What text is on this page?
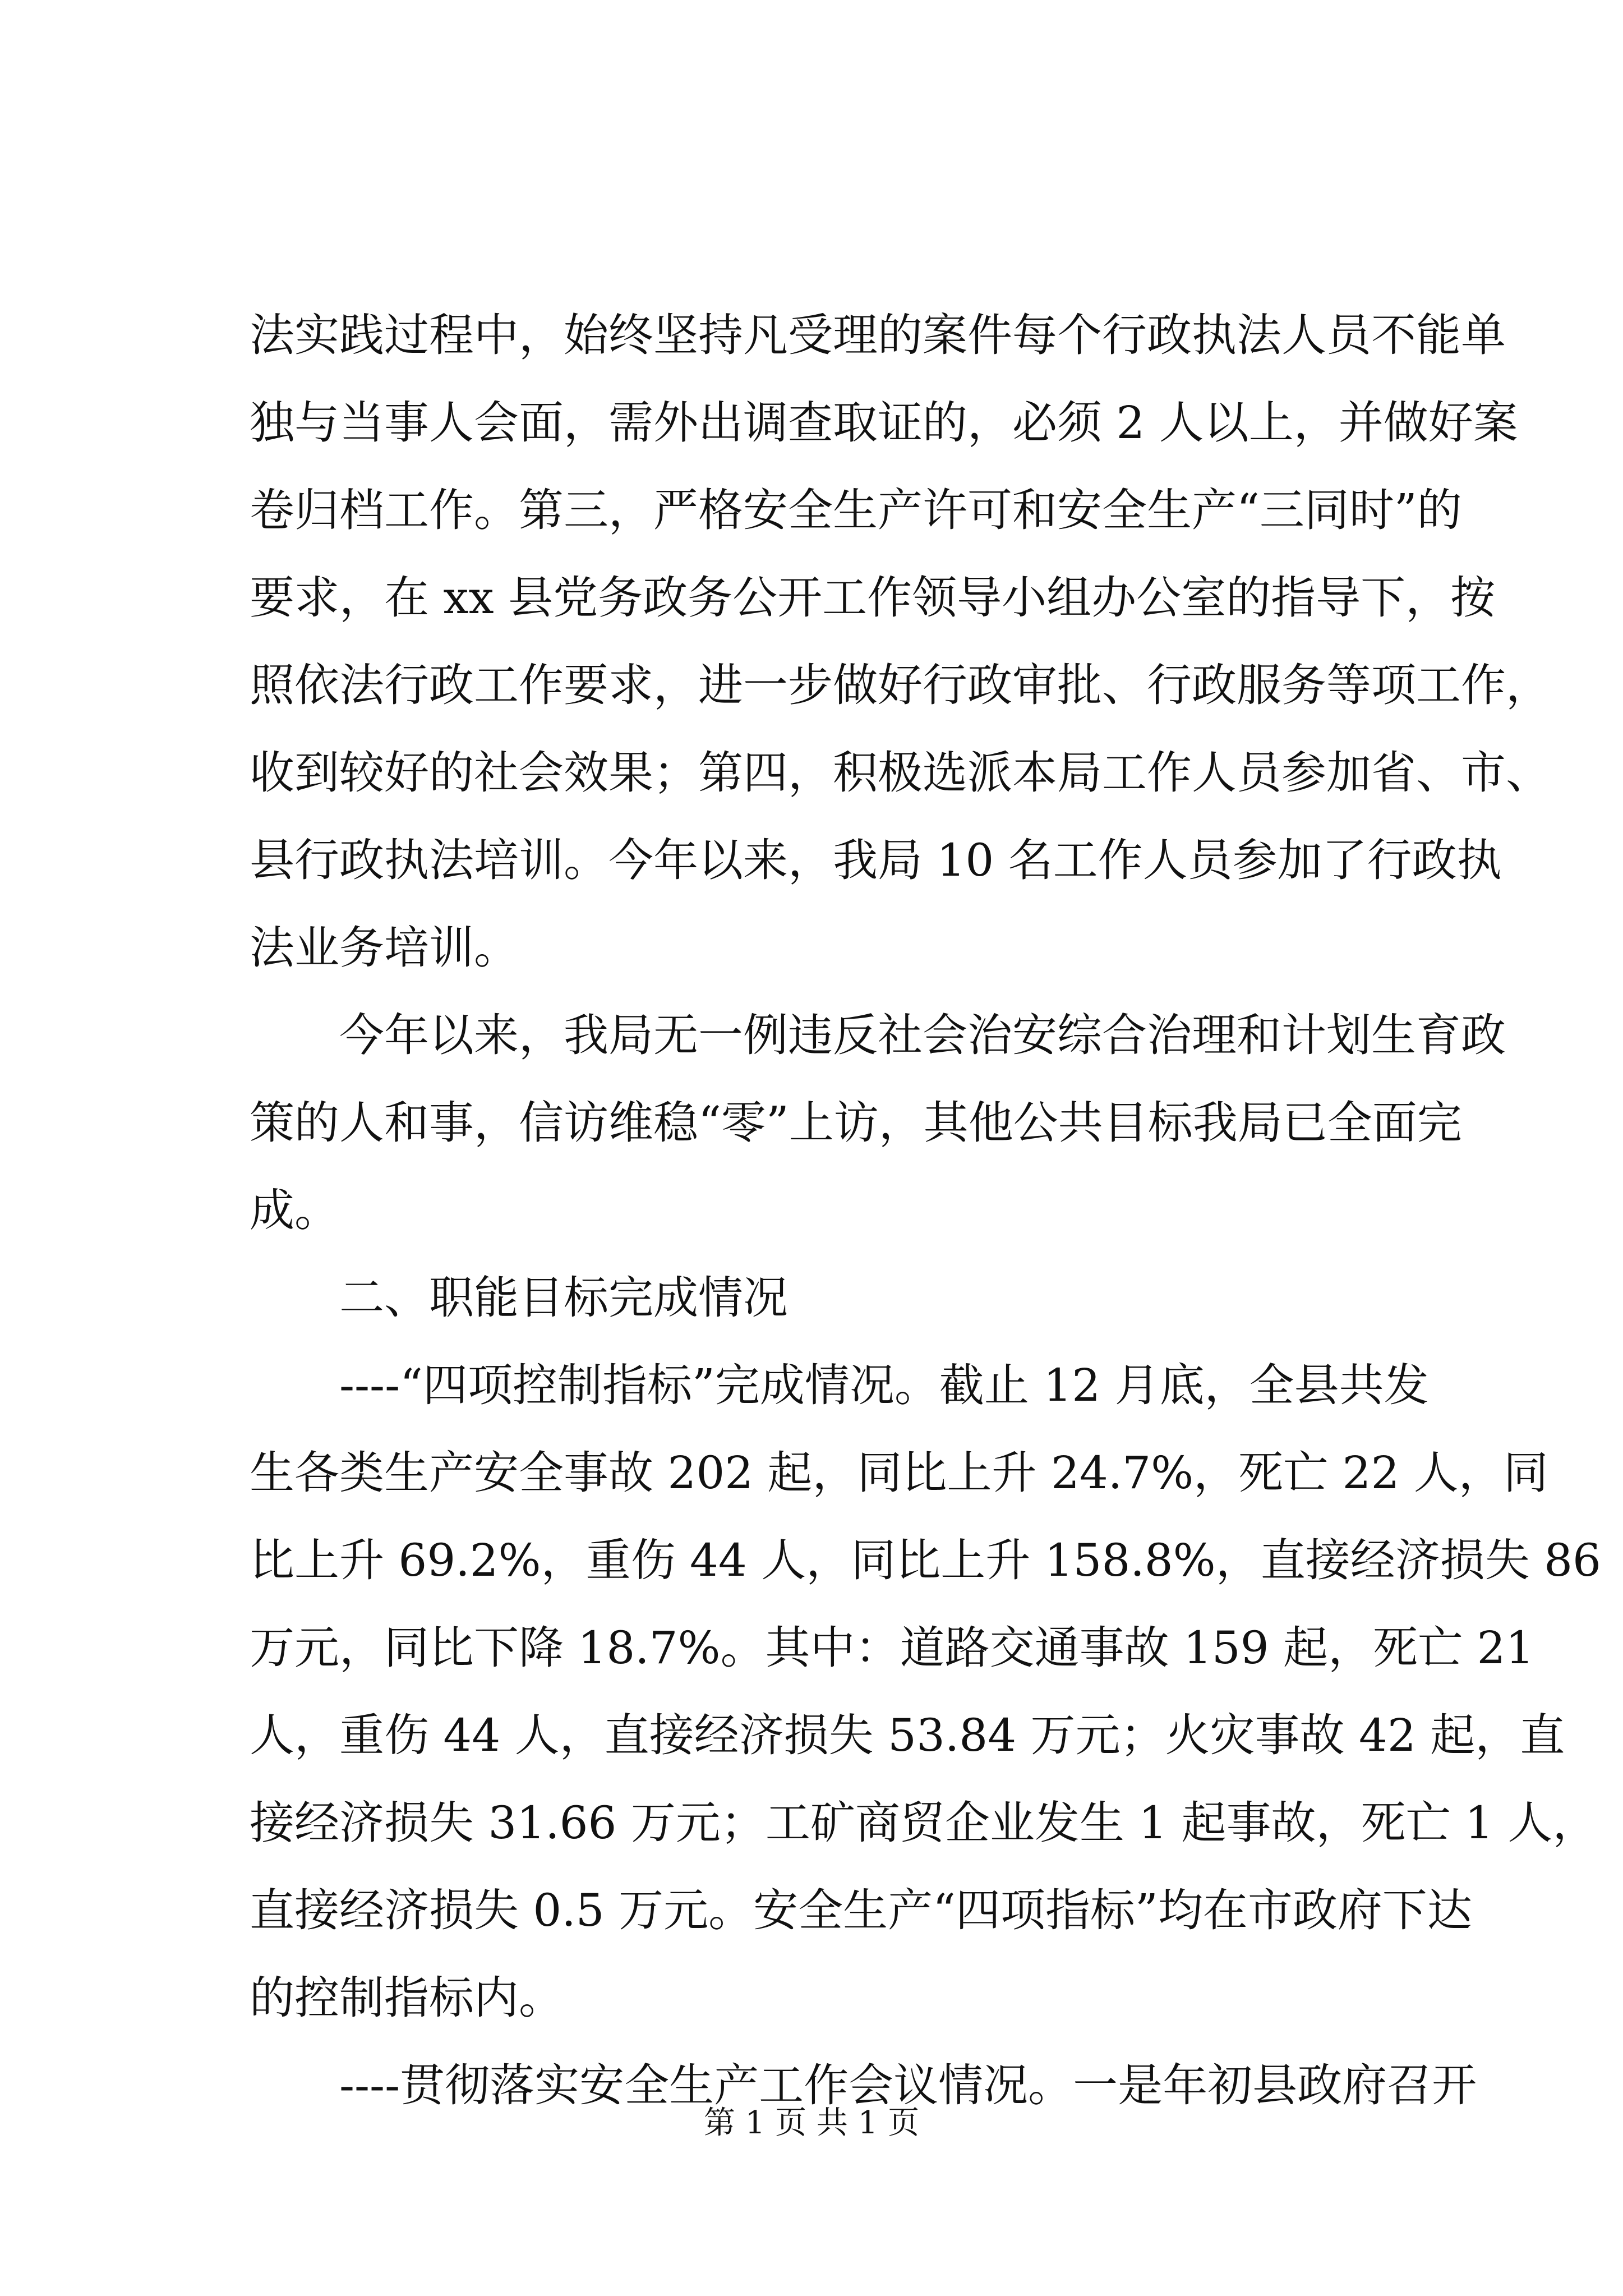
法实践过程中，始终坚持凡受理的案件每个行政执法人员不能单
独与当事人会面，需外出调查取证的，必须 2 人以上，并做好案
卷归档工作。第三，严格安全生产许可和安全生产“三同时”的
要求，在 xx 县党务政务公开工作领导小组办公室的指导下，按
照依法行政工作要求，进一步做好行政审批、行政服务等项工作，
收到较好的社会效果；第四，积极选派本局工作人员参加省、市、
县行政执法培训。今年以来，我局 10 名工作人员参加了行政执
法业务培训。
　　今年以来，我局无一例违反社会治安综合治理和计划生育政
策的人和事，信访维稳“零”上访，其他公共目标我局已全面完
成。
　　二、职能目标完成情况
　　----“四项控制指标”完成情况。截止 12 月底，全县共发
生各类生产安全事故 202 起，同比上升 24.7%，死亡 22 人，同
比上升 69.2%，重伤 44 人，同比上升 158.8%，直接经济损失 86
万元，同比下降 18.7%。其中：道路交通事故 159 起，死亡 21
人，重伤 44 人，直接经济损失 53.84 万元；火灾事故 42 起，直
接经济损失 31.66 万元；工矿商贸企业发生 1 起事故，死亡 1 人，
直接经济损失 0.5 万元。安全生产“四项指标”均在市政府下达
的控制指标内。
　　----贯彻落实安全生产工作会议情况。一是年初县政府召开
第 1 页 共 1 页
